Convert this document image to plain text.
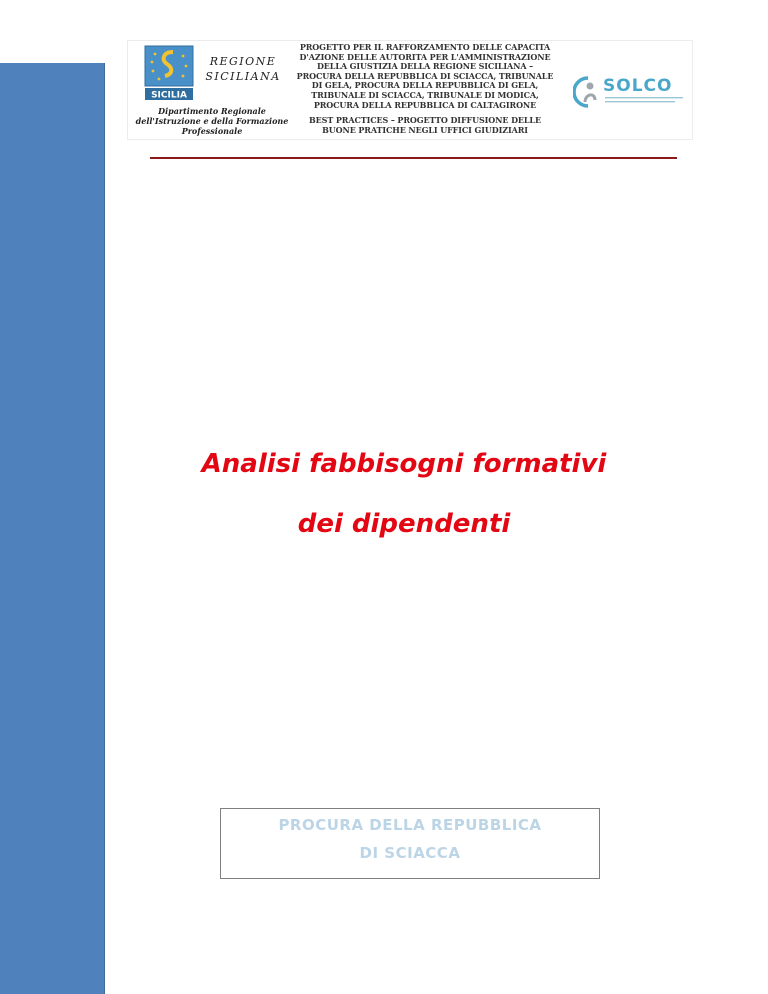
SICILIA
REGIONE
SICILIANA
Dipartimento Regionale
dell'Istruzione e della Formazione
Professionale
PROGETTO PER IL RAFFORZAMENTO DELLE CAPACITA
D'AZIONE DELLE AUTORITA PER L'AMMINISTRAZIONE
DELLA GIUSTIZIA DELLA REGIONE SICILIANA –
PROCURA DELLA REPUBBLICA DI SCIACCA, TRIBUNALE
DI GELA, PROCURA DELLA REPUBBLICA DI GELA,
TRIBUNALE DI SCIACCA, TRIBUNALE DI MODICA,
PROCURA DELLA REPUBBLICA DI CALTAGIRONE
BEST PRACTICES – PROGETTO DIFFUSIONE DELLE
BUONE PRATICHE NEGLI UFFICI GIUDIZIARI
SOLCO
Analisi fabbisogni formativi
dei dipendenti
PROCURA DELLA REPUBBLICA
DI SCIACCA
